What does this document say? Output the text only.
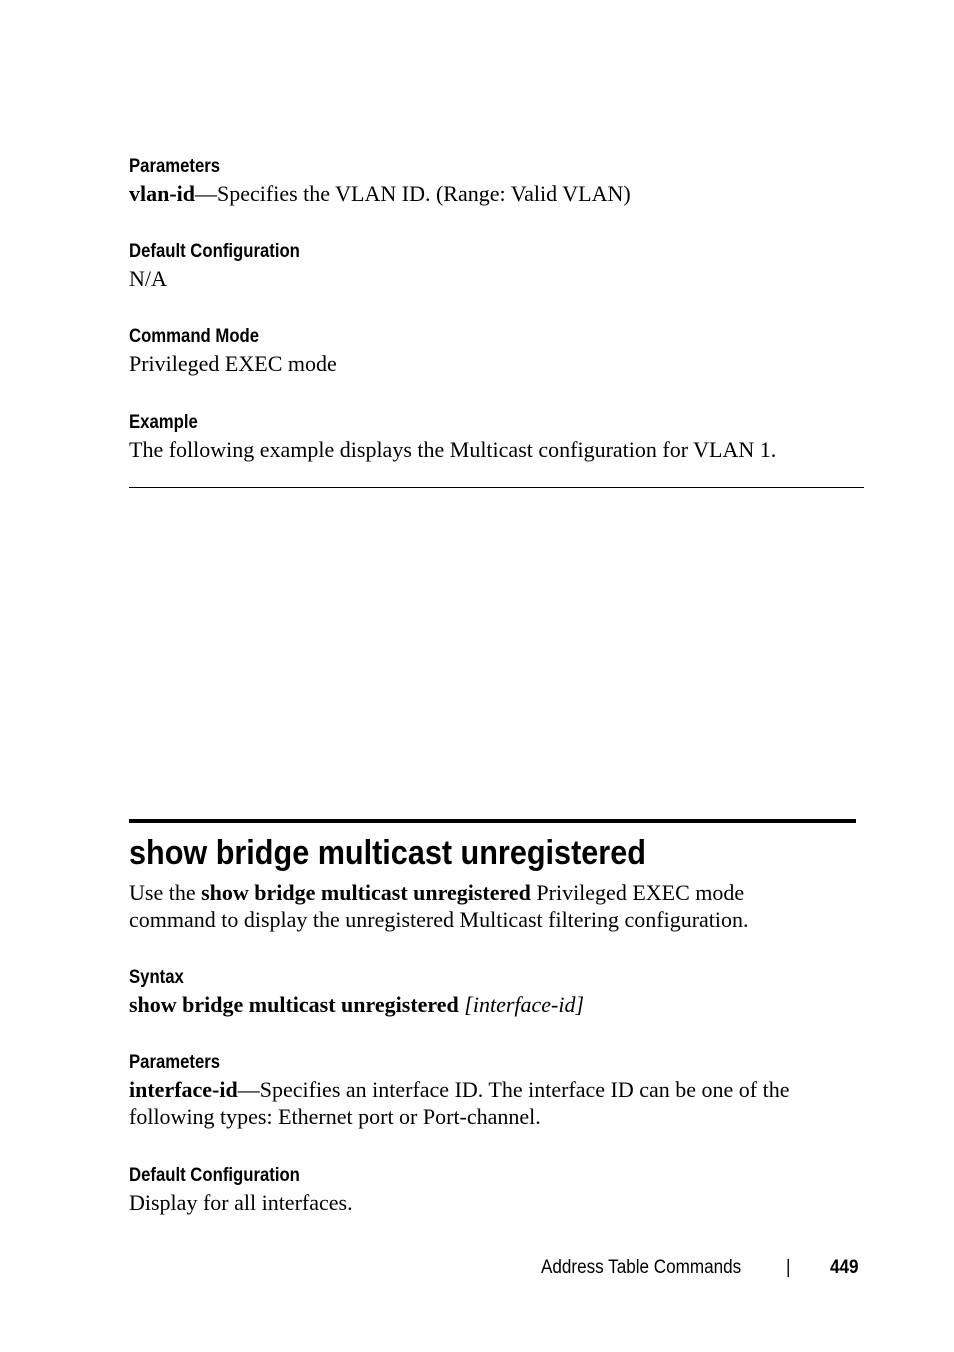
Parameters
vlan-id—Specifies the VLAN ID. (Range: Valid VLAN)
Default Configuration
N/A
Command Mode
Privileged EXEC mode
Example
The following example displays the Multicast configuration for VLAN 1.
show bridge multicast unregistered
Use the show bridge multicast unregistered Privileged EXEC mode
command to display the unregistered Multicast filtering configuration.
Syntax
show bridge multicast unregistered [interface-id]
Parameters
interface-id—Specifies an interface ID. The interface ID can be one of the
following types: Ethernet port or Port-channel.
Default Configuration
Display for all interfaces.
Address Table Commands | 449
